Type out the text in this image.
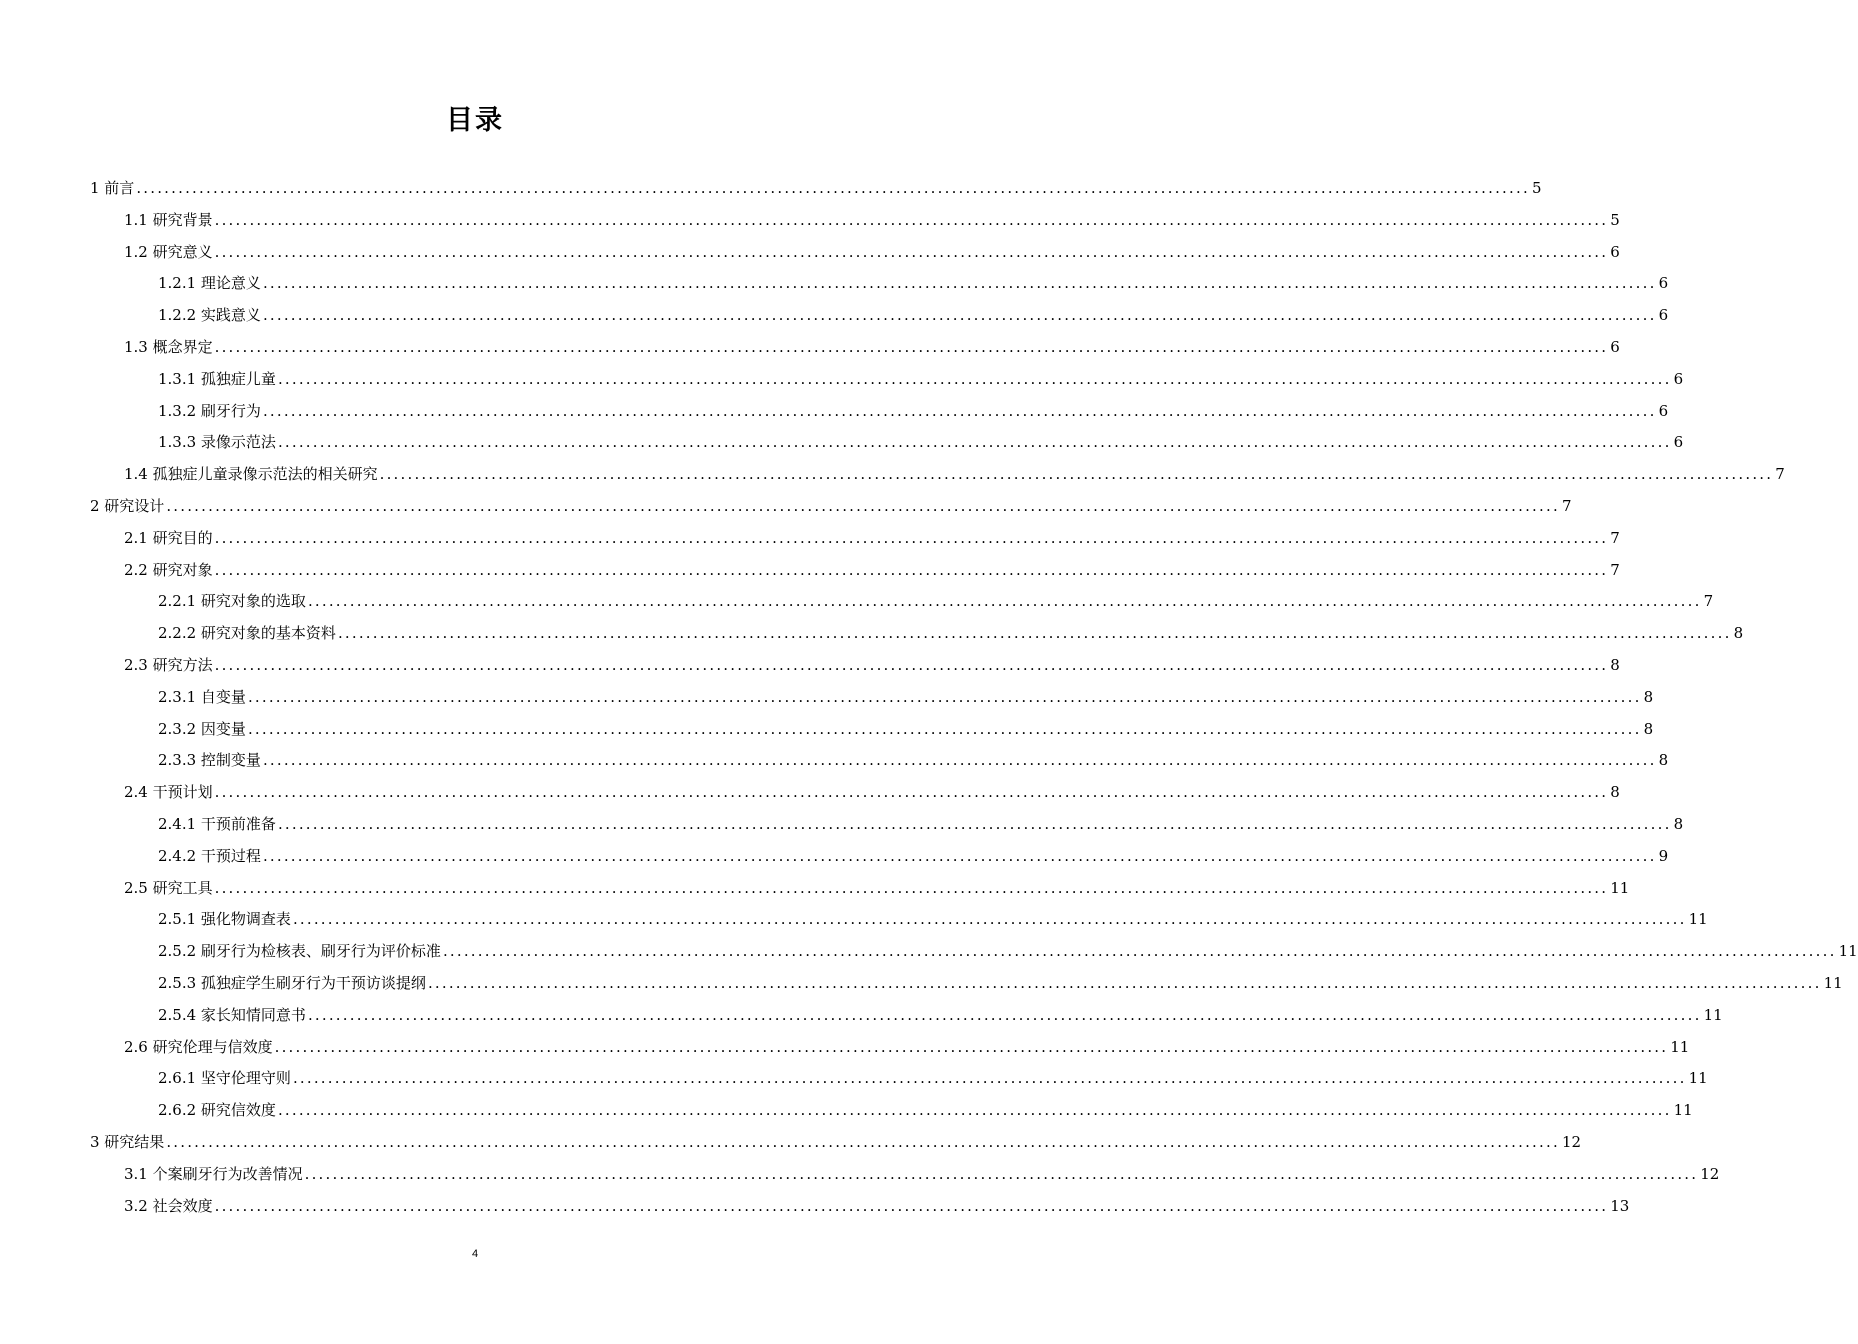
目录
1 前言 ........................................................................................................................................................................................................ 5
1.1 研究背景 ........................................................................................................................................................................................................ 5
1.2 研究意义 ........................................................................................................................................................................................................ 6
1.2.1 理论意义 ........................................................................................................................................................................................................ 6
1.2.2 实践意义 ........................................................................................................................................................................................................ 6
1.3 概念界定 ........................................................................................................................................................................................................ 6
1.3.1 孤独症儿童 ........................................................................................................................................................................................................ 6
1.3.2 刷牙行为 ........................................................................................................................................................................................................ 6
1.3.3 录像示范法 ........................................................................................................................................................................................................ 6
1.4 孤独症儿童录像示范法的相关研究 ........................................................................................................................................................................................................ 7
2 研究设计 ........................................................................................................................................................................................................ 7
2.1 研究目的 ........................................................................................................................................................................................................ 7
2.2 研究对象 ........................................................................................................................................................................................................ 7
2.2.1 研究对象的选取 ........................................................................................................................................................................................................ 7
2.2.2 研究对象的基本资料 ........................................................................................................................................................................................................ 8
2.3 研究方法 ........................................................................................................................................................................................................ 8
2.3.1 自变量 ........................................................................................................................................................................................................ 8
2.3.2 因变量 ........................................................................................................................................................................................................ 8
2.3.3 控制变量 ........................................................................................................................................................................................................ 8
2.4 干预计划 ........................................................................................................................................................................................................ 8
2.4.1 干预前准备 ........................................................................................................................................................................................................ 8
2.4.2 干预过程 ........................................................................................................................................................................................................ 9
2.5 研究工具 ........................................................................................................................................................................................................ 11
2.5.1 强化物调查表 ........................................................................................................................................................................................................ 11
2.5.2 刷牙行为检核表、刷牙行为评价标准 ........................................................................................................................................................................................................ 11
2.5.3 孤独症学生刷牙行为干预访谈提纲 ........................................................................................................................................................................................................ 11
2.5.4 家长知情同意书 ........................................................................................................................................................................................................ 11
2.6 研究伦理与信效度 ........................................................................................................................................................................................................ 11
2.6.1 坚守伦理守则 ........................................................................................................................................................................................................ 11
2.6.2 研究信效度 ........................................................................................................................................................................................................ 11
3 研究结果 ........................................................................................................................................................................................................ 12
3.1 个案刷牙行为改善情况 ........................................................................................................................................................................................................ 12
3.2 社会效度 ........................................................................................................................................................................................................ 13
4
